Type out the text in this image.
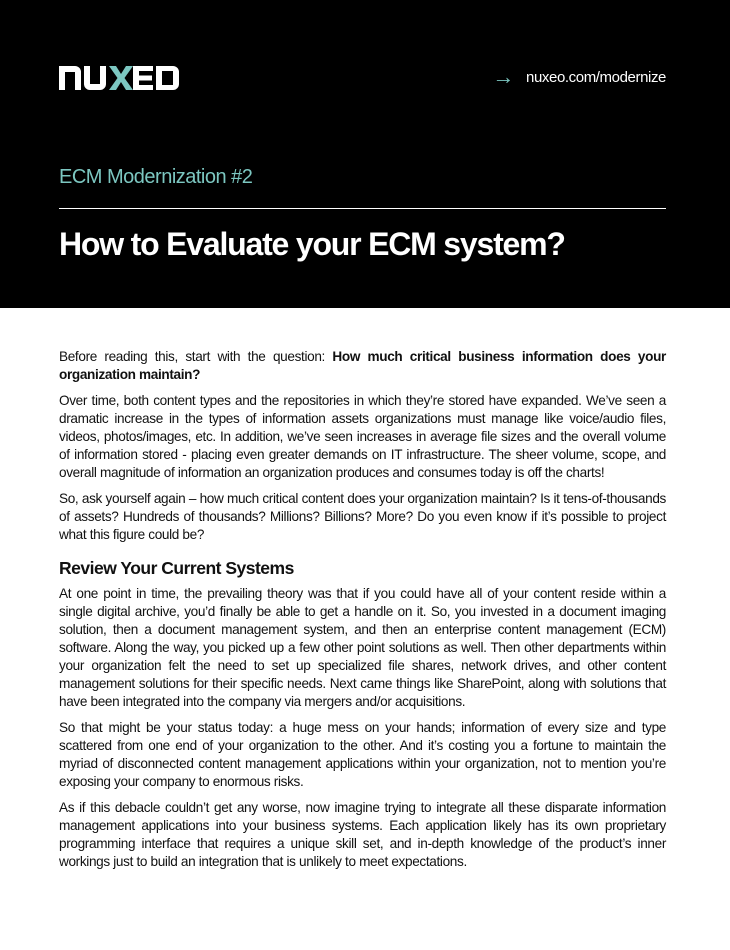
→ nuxeo.com/modernize
ECM Modernization #2
How to Evaluate your ECM system?

Before reading this, start with the question: How much critical business information does your organization maintain?

Over time, both content types and the repositories in which they’re stored have expanded. We’ve seen a dramatic increase in the types of information assets organizations must manage like voice/audio files, videos, photos/images, etc. In addition, we’ve seen increases in average file sizes and the overall volume of information stored - placing even greater demands on IT infrastructure. The sheer volume, scope, and overall magnitude of information an organization produces and consumes today is off the charts!

So, ask yourself again – how much critical content does your organization maintain? Is it tens-of-thousands of assets? Hundreds of thousands? Millions? Billions? More? Do you even know if it’s possible to project what this figure could be?

Review Your Current Systems

At one point in time, the prevailing theory was that if you could have all of your content reside within a single digital archive, you’d finally be able to get a handle on it. So, you invested in a document imaging solution, then a document management system, and then an enterprise content management (ECM) software. Along the way, you picked up a few other point solutions as well. Then other departments within your organization felt the need to set up specialized file shares, network drives, and other content management solutions for their specific needs. Next came things like SharePoint, along with solutions that have been integrated into the company via mergers and/or acquisitions.

So that might be your status today: a huge mess on your hands; information of every size and type scattered from one end of your organization to the other. And it’s costing you a fortune to maintain the myriad of disconnected content management applications within your organization, not to mention you’re exposing your company to enormous risks.

As if this debacle couldn’t get any worse, now imagine trying to integrate all these disparate information management applications into your business systems. Each application likely has its own proprietary programming interface that requires a unique skill set, and in-depth knowledge of the product’s inner workings just to build an integration that is unlikely to meet expectations.
